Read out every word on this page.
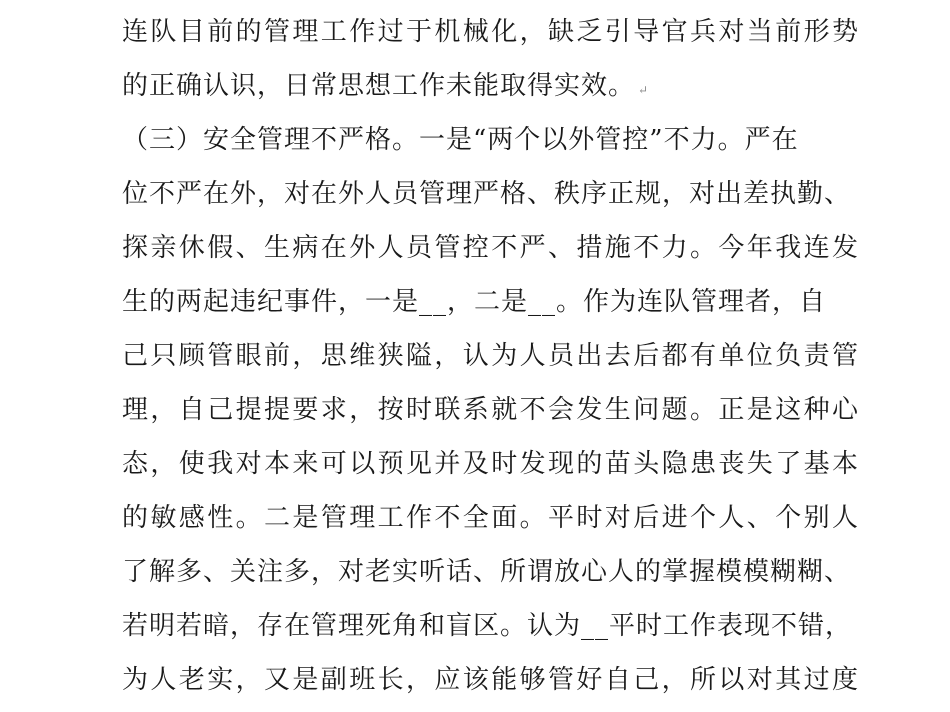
连队目前的管理工作过于机械化，缺乏引导官兵对当前形势
的正确认识，日常思想工作未能取得实效。 ↵
（三）安全管理不严格。一是“两个以外管控”不力。严在
位不严在外，对在外人员管理严格、秩序正规，对出差执勤、
探亲休假、生病在外人员管控不严、措施不力。今年我连发
生的两起违纪事件，一是__，二是__。作为连队管理者，自
己只顾管眼前，思维狭隘，认为人员出去后都有单位负责管
理，自己提提要求，按时联系就不会发生问题。正是这种心
态，使我对本来可以预见并及时发现的苗头隐患丧失了基本
的敏感性。二是管理工作不全面。平时对后进个人、个别人
了解多、关注多，对老实听话、所谓放心人的掌握模模糊糊、
若明若暗，存在管理死角和盲区。认为__平时工作表现不错，
为人老实，又是副班长，应该能够管好自己，所以对其过度
